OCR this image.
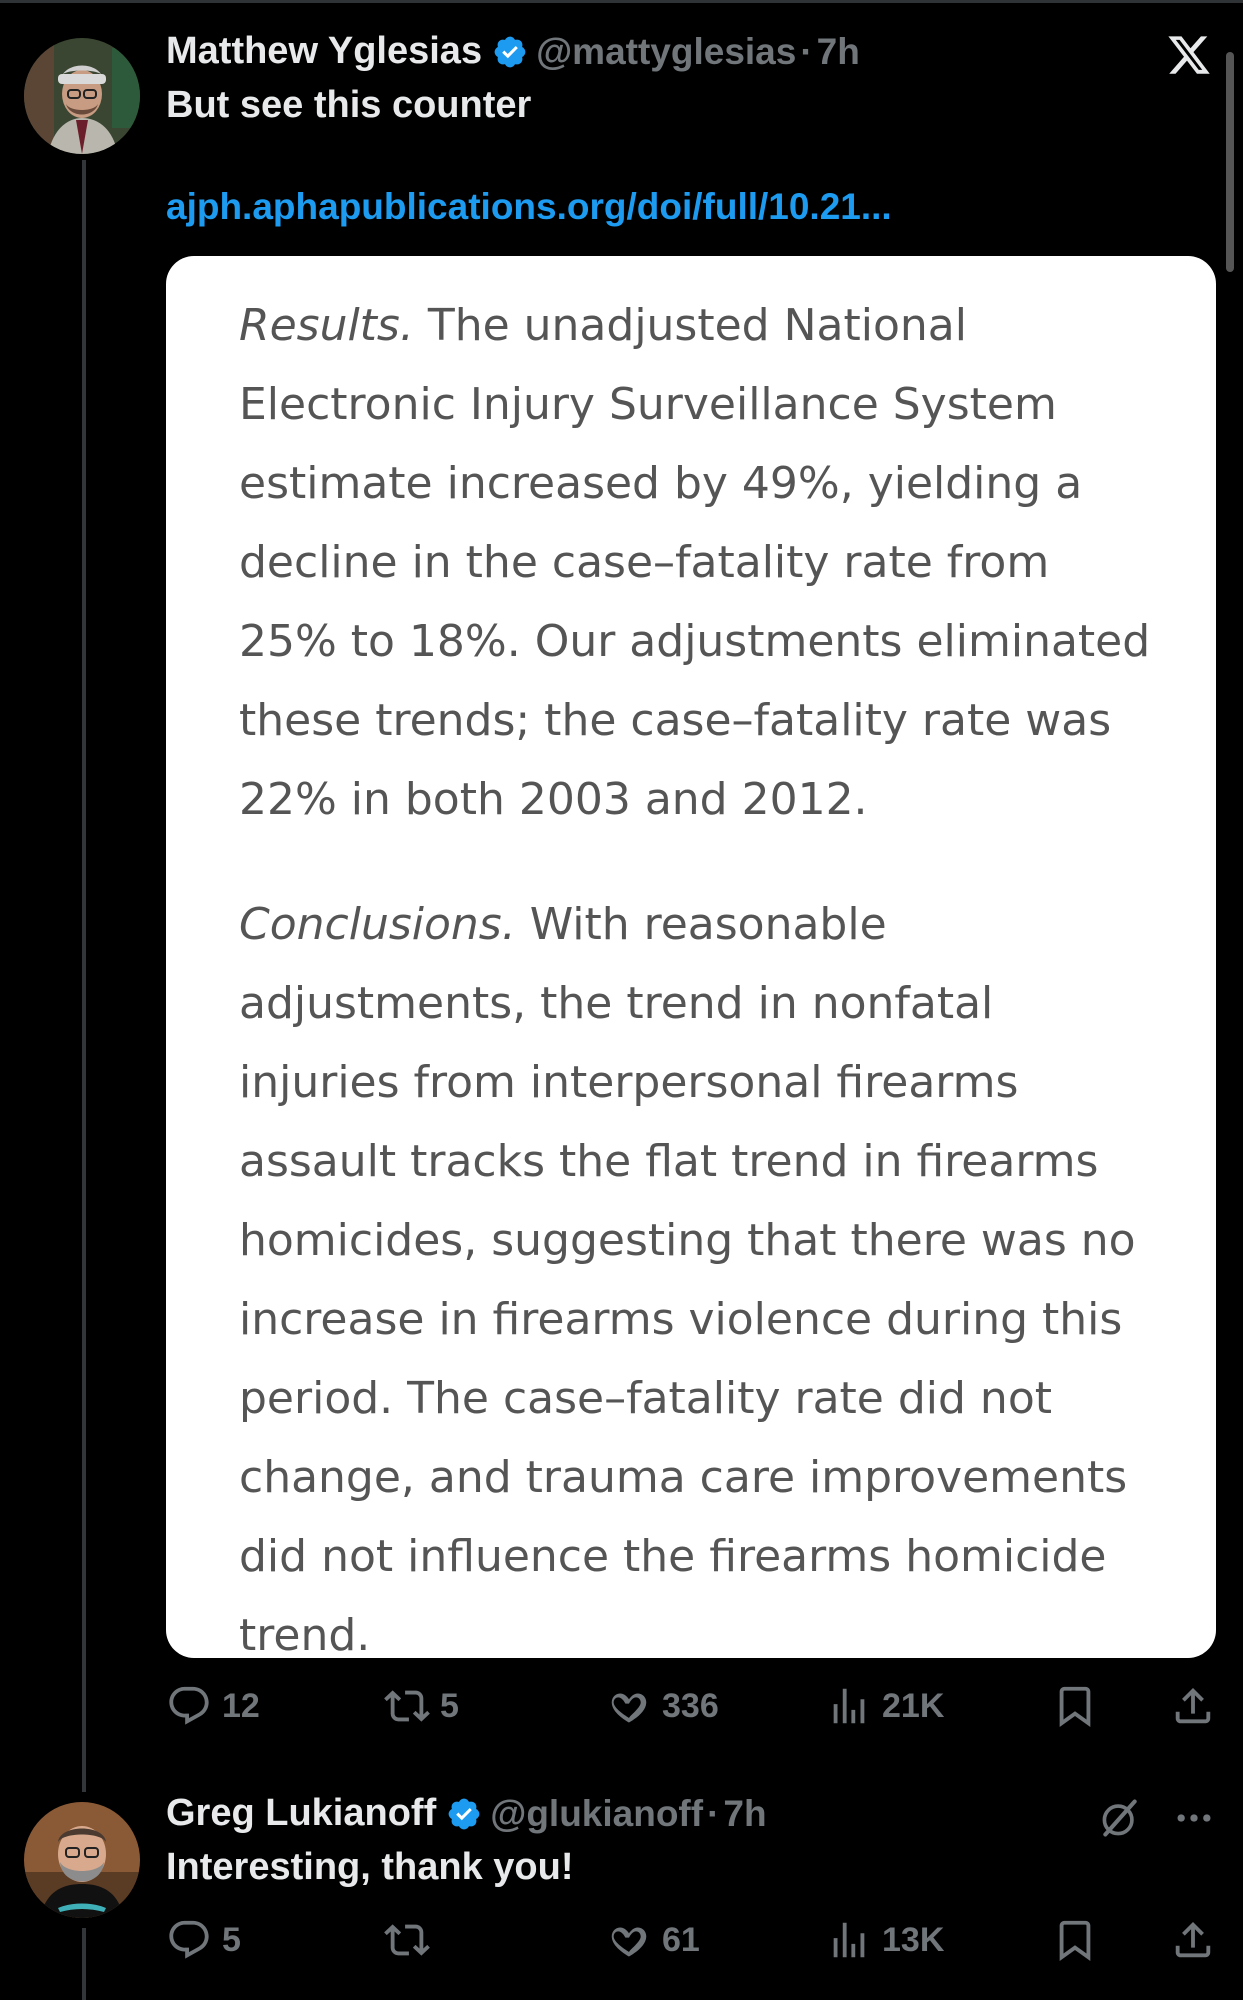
Matthew Yglesias @mattyglesias · 7h
But see this counter
ajph.aphapublications.org/doi/full/10.21...

Results. The unadjusted National Electronic Injury Surveillance System estimate increased by 49%, yielding a decline in the case–fatality rate from 25% to 18%. Our adjustments eliminated these trends; the case–fatality rate was 22% in both 2003 and 2012.

Conclusions. With reasonable adjustments, the trend in nonfatal injuries from interpersonal firearms assault tracks the flat trend in firearms homicides, suggesting that there was no increase in firearms violence during this period. The case–fatality rate did not change, and trauma care improvements did not influence the firearms homicide trend.

12	5	336	21K
Greg Lukianoff @glukianoff · 7h
Interesting, thank you!
5	61	13K
